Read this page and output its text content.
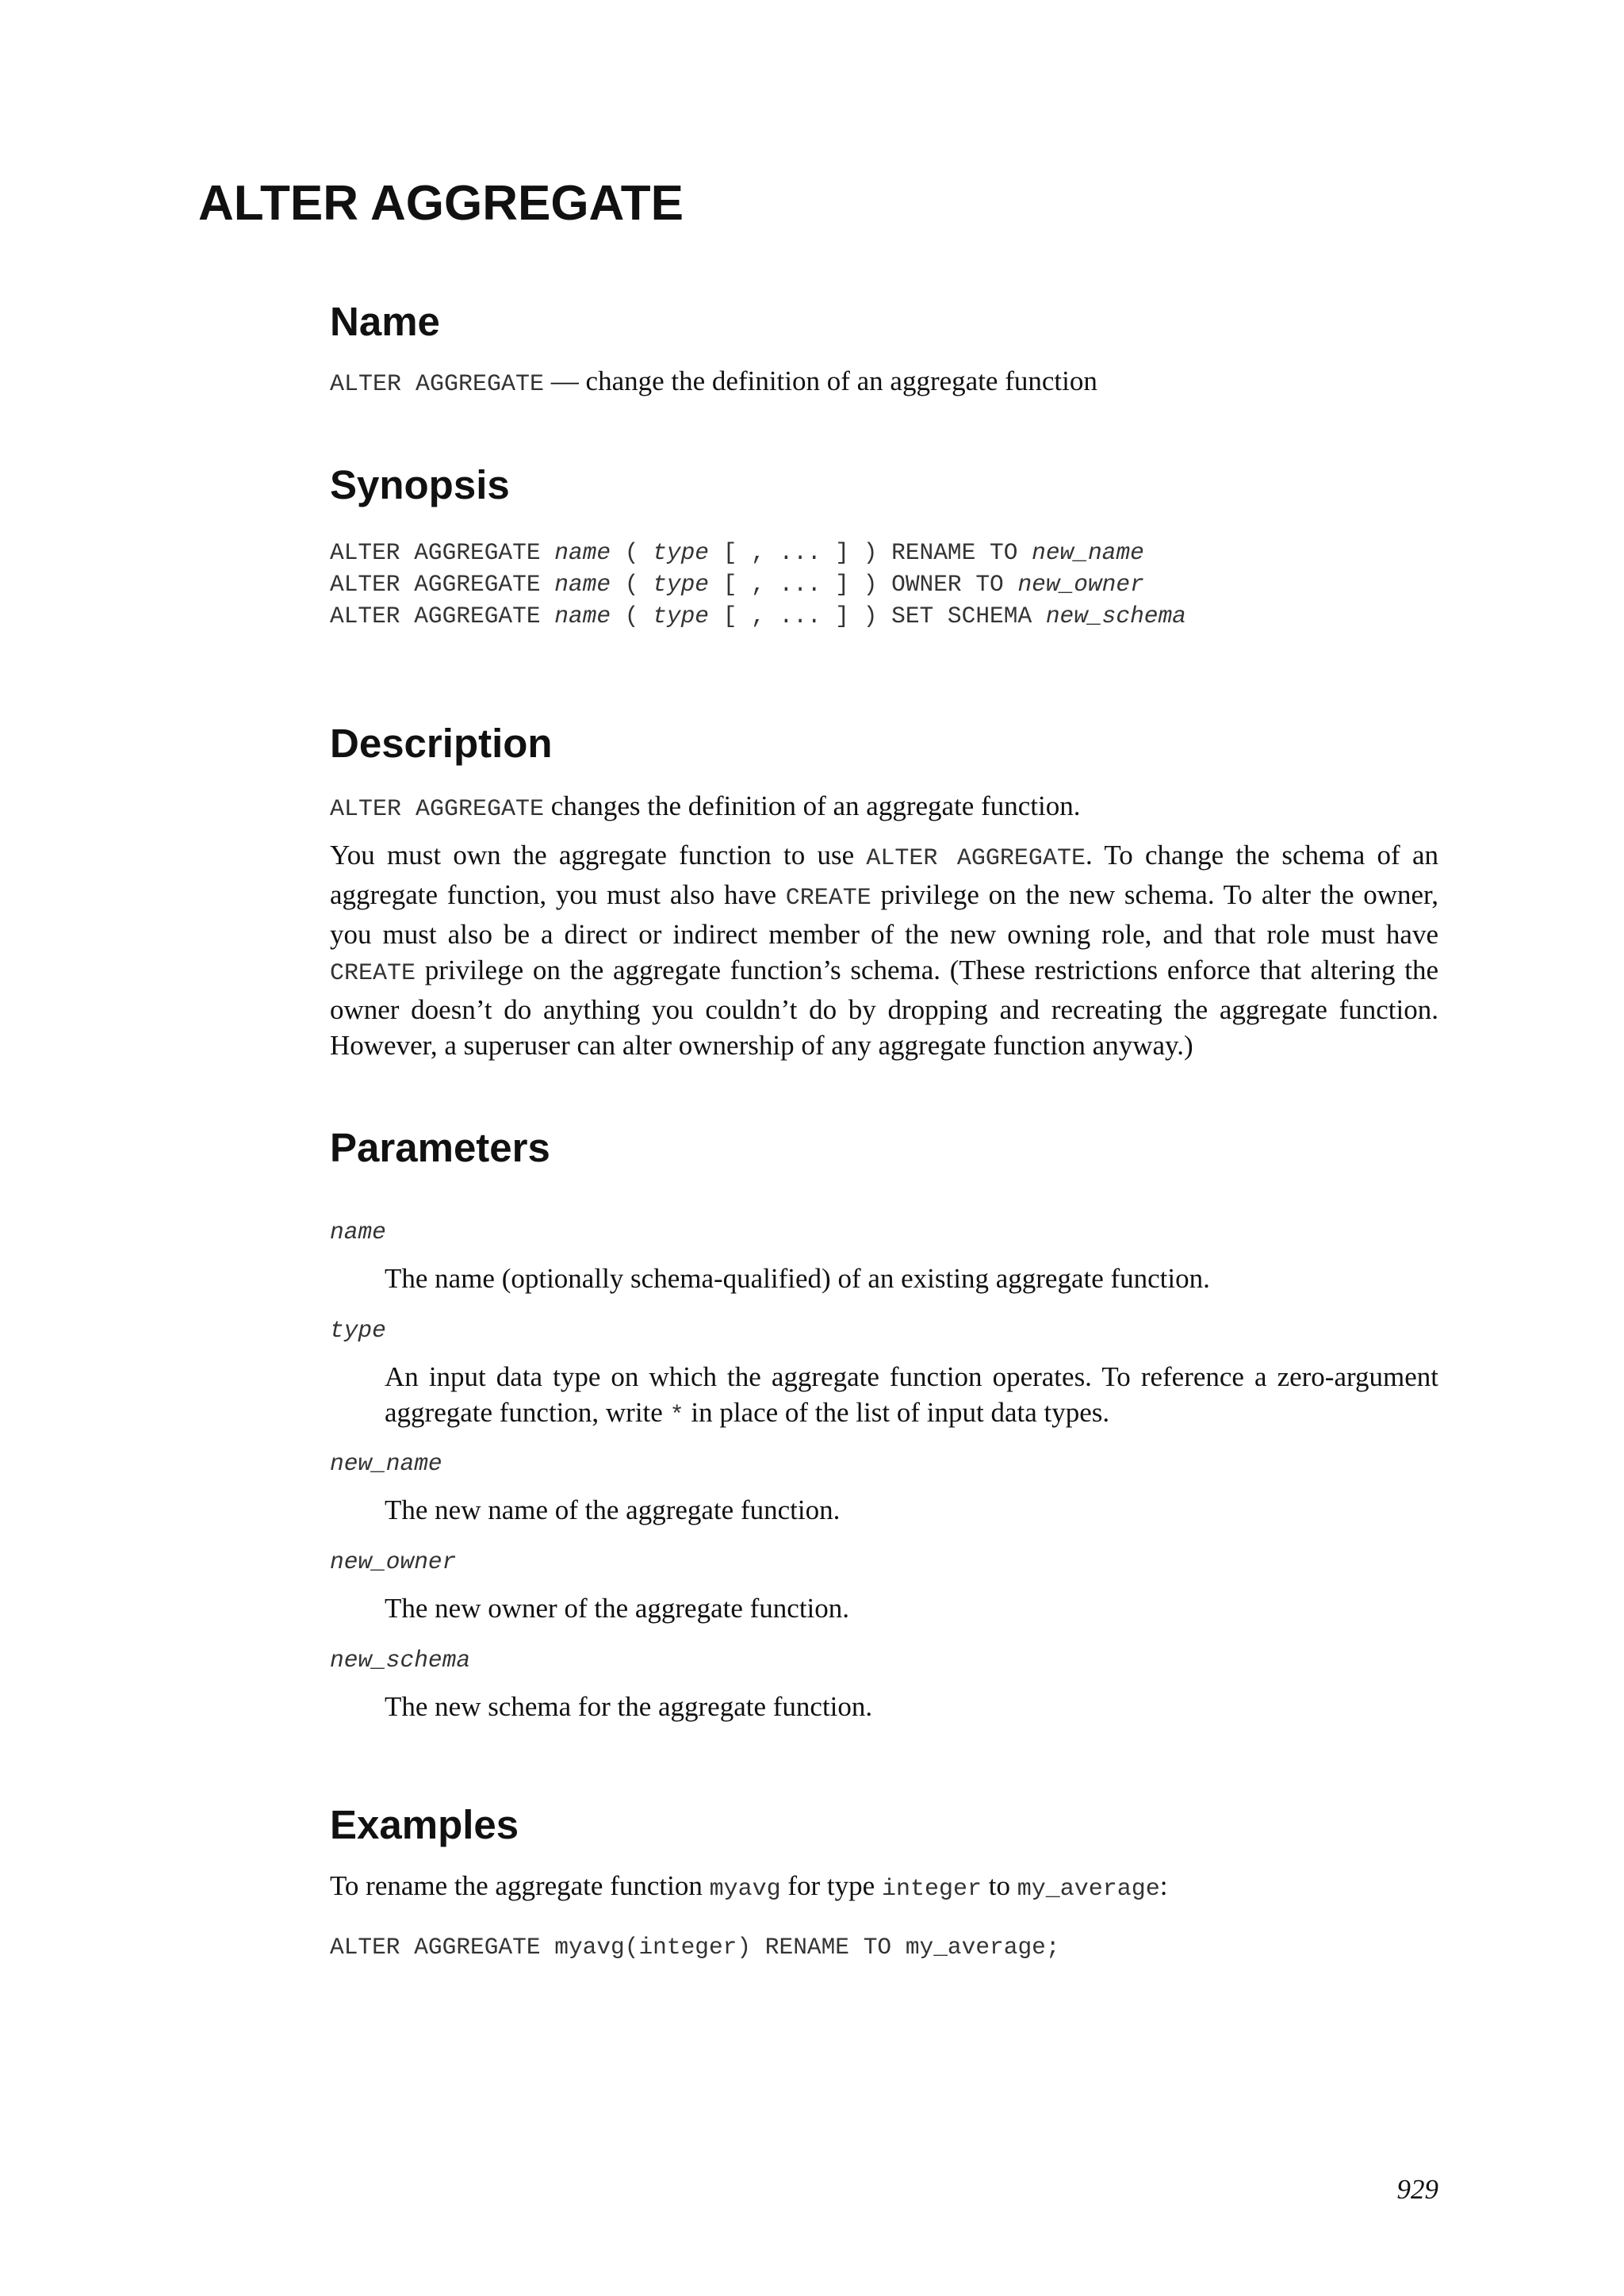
ALTER AGGREGATE
Name

ALTER AGGREGATE — change the definition of an aggregate function

Synopsis

ALTER AGGREGATE name ( type [ , ... ] ) RENAME TO new_name

ALTER AGGREGATE name ( type [ , ... ] ) OWNER TO new_owner

ALTER AGGREGATE name ( type [ , ... ] ) SET SCHEMA new_schema

Description

ALTER AGGREGATE changes the definition of an aggregate function.

You must own the aggregate function to use ALTER AGGREGATE. To change the schema of an aggregate function, you must also have CREATE privilege on the new schema. To alter the owner, you must also be a direct or indirect member of the new owning role, and that role must have CREATE privilege on the aggregate function’s schema. (These restrictions enforce that altering the owner doesn’t do anything you couldn’t do by dropping and recreating the aggregate function. However, a superuser can alter ownership of any aggregate function anyway.)

Parameters

name

The name (optionally schema-qualified) of an existing aggregate function.

type

An input data type on which the aggregate function operates. To reference a zero-argument aggregate function, write * in place of the list of input data types.

new_name

The new name of the aggregate function.

new_owner

The new owner of the aggregate function.

new_schema

The new schema for the aggregate function.

Examples

To rename the aggregate function myavg for type integer to my_average:

ALTER AGGREGATE myavg(integer) RENAME TO my_average;

929
